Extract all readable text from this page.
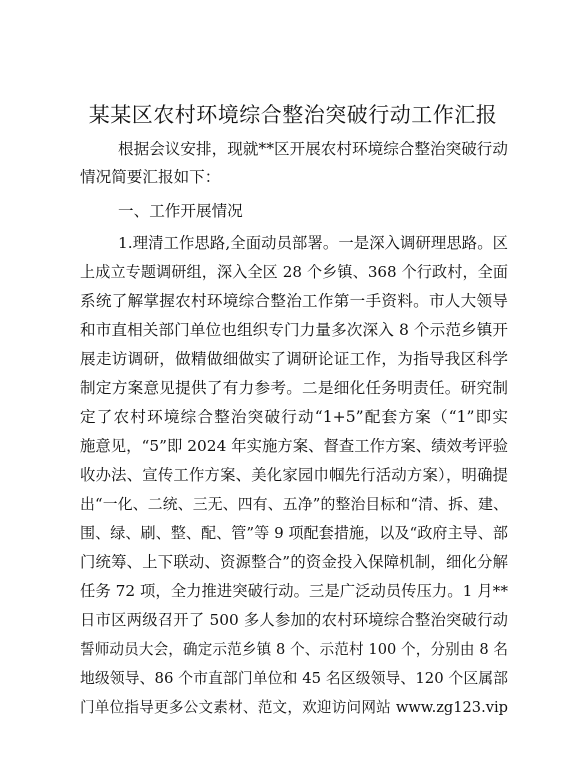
某某区农村环境综合整治突破行动工作汇报
根据会议安排，现就**区开展农村环境综合整治突破行动
情况简要汇报如下：
一、工作开展情况
1.理清工作思路,全面动员部署。一是深入调研理思路。区
上成立专题调研组，深入全区 28 个乡镇、368 个行政村，全面
系统了解掌握农村环境综合整治工作第一手资料。市人大领导
和市直相关部门单位也组织专门力量多次深入 8 个示范乡镇开
展走访调研，做精做细做实了调研论证工作，为指导我区科学
制定方案意见提供了有力参考。二是细化任务明责任。研究制
定了农村环境综合整治突破行动“1+5”配套方案（“1”即实
施意见，“5”即 2024 年实施方案、督查工作方案、绩效考评验
收办法、宣传工作方案、美化家园巾帼先行活动方案），明确提
出“一化、二统、三无、四有、五净”的整治目标和“清、拆、建、
围、绿、刷、整、配、管”等 9 项配套措施，以及“政府主导、部
门统筹、上下联动、资源整合”的资金投入保障机制，细化分解
任务 72 项，全力推进突破行动。三是广泛动员传压力。1 月**
日市区两级召开了 500 多人参加的农村环境综合整治突破行动
誓师动员大会，确定示范乡镇 8 个、示范村 100 个，分别由 8 名
地级领导、86 个市直部门单位和 45 名区级领导、120 个区属部
门单位指导更多公文素材、范文，欢迎访问网站 www.zg123.vip
